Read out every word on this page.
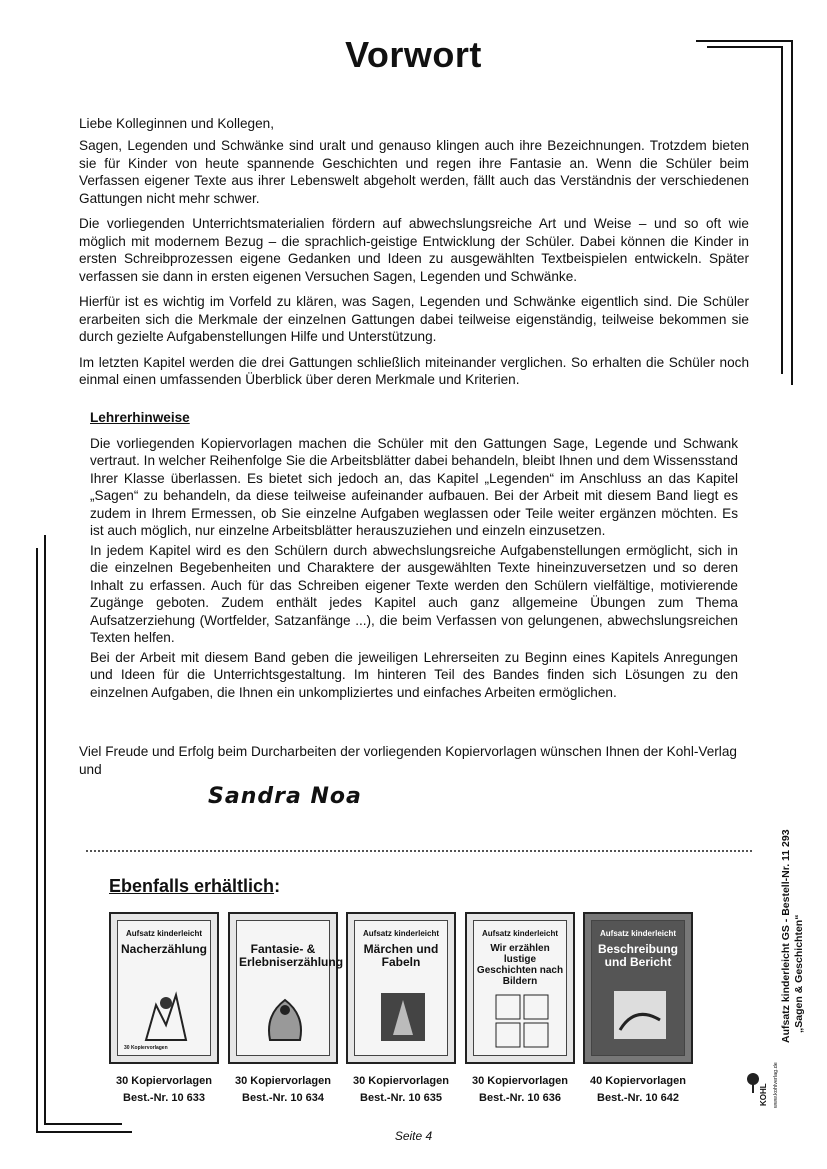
Vorwort
Liebe Kolleginnen und Kollegen,

Sagen, Legenden und Schwänke sind uralt und genauso klingen auch ihre Bezeichnungen. Trotzdem bieten sie für Kinder von heute spannende Geschichten und regen ihre Fantasie an. Wenn die Schüler beim Verfassen eigener Texte aus ihrer Lebenswelt abgeholt werden, fällt auch das Verständnis der verschiedenen Gattungen nicht mehr schwer.

Die vorliegenden Unterrichtsmaterialien fördern auf abwechslungsreiche Art und Weise – und so oft wie möglich mit modernem Bezug – die sprachlich-geistige Entwicklung der Schüler. Dabei können die Kinder in ersten Schreibprozessen eigene Gedanken und Ideen zu ausgewählten Textbeispielen entwickeln. Später verfassen sie dann in ersten eigenen Versuchen Sagen, Legenden und Schwänke.

Hierfür ist es wichtig im Vorfeld zu klären, was Sagen, Legenden und Schwänke eigentlich sind. Die Schüler erarbeiten sich die Merkmale der einzelnen Gattungen dabei teilweise eigenständig, teilweise bekommen sie durch gezielte Aufgabenstellungen Hilfe und Unterstützung.

Im letzten Kapitel werden die drei Gattungen schließlich miteinander verglichen. So erhalten die Schüler noch einmal einen umfassenden Überblick über deren Merkmale und Kriterien.

Lehrerhinweise

Die vorliegenden Kopiervorlagen machen die Schüler mit den Gattungen Sage, Legende und Schwank vertraut. In welcher Reihenfolge Sie die Arbeitsblätter dabei behandeln, bleibt Ihnen und dem Wissensstand Ihrer Klasse überlassen. Es bietet sich jedoch an, das Kapitel „Legenden“ im Anschluss an das Kapitel „Sagen“ zu behandeln, da diese teilweise aufeinander aufbauen. Bei der Arbeit mit diesem Band liegt es zudem in Ihrem Ermessen, ob Sie einzelne Aufgaben weglassen oder Teile weiter ergänzen möchten. Es ist auch möglich, nur einzelne Arbeitsblätter herauszuziehen und einzeln einzusetzen.

In jedem Kapitel wird es den Schülern durch abwechslungsreiche Aufgabenstellungen ermöglicht, sich in die einzelnen Begebenheiten und Charaktere der ausgewählten Texte hineinzuversetzen und so deren Inhalt zu erfassen. Auch für das Schreiben eigener Texte werden den Schülern vielfältige, motivierende Zugänge geboten. Zudem enthält jedes Kapitel auch ganz allgemeine Übungen zum Thema Aufsatzerziehung (Wortfelder, Satzanfänge ...), die beim Verfassen von gelungenen, abwechslungsreichen Texten helfen.

Bei der Arbeit mit diesem Band geben die jeweiligen Lehrerseiten zu Beginn eines Kapitels Anregungen und Ideen für die Unterrichtsgestaltung. Im hinteren Teil des Bandes finden sich Lösungen zu den einzelnen Aufgaben, die Ihnen ein unkompliziertes und einfaches Arbeiten ermöglichen.

Viel Freude und Erfolg beim Durcharbeiten der vorliegenden Kopiervorlagen wünschen Ihnen der Kohl-Verlag und
Sandra Noa
Ebenfalls erhältlich:
Aufsatz kinderleicht
Nacherzählung
30 Kopiervorlagen
Fantasie- & Erlebniserzählung
Aufsatz kinderleicht
Märchen und Fabeln
Aufsatz kinderleicht
Wir erzählen lustige Geschichten nach Bildern
Aufsatz kinderleicht
Beschreibung und Bericht
30 Kopiervorlagen
Best.-Nr. 10 633
30 Kopiervorlagen
Best.-Nr. 10 634
30 Kopiervorlagen
Best.-Nr. 10 635
30 Kopiervorlagen
Best.-Nr. 10 636
40 Kopiervorlagen
Best.-Nr. 10 642
Aufsatz kinderleicht GS - Bestell-Nr. 11 293 „Sagen & Geschichten“
KOHL www.kohlverlag.de
Seite 4
